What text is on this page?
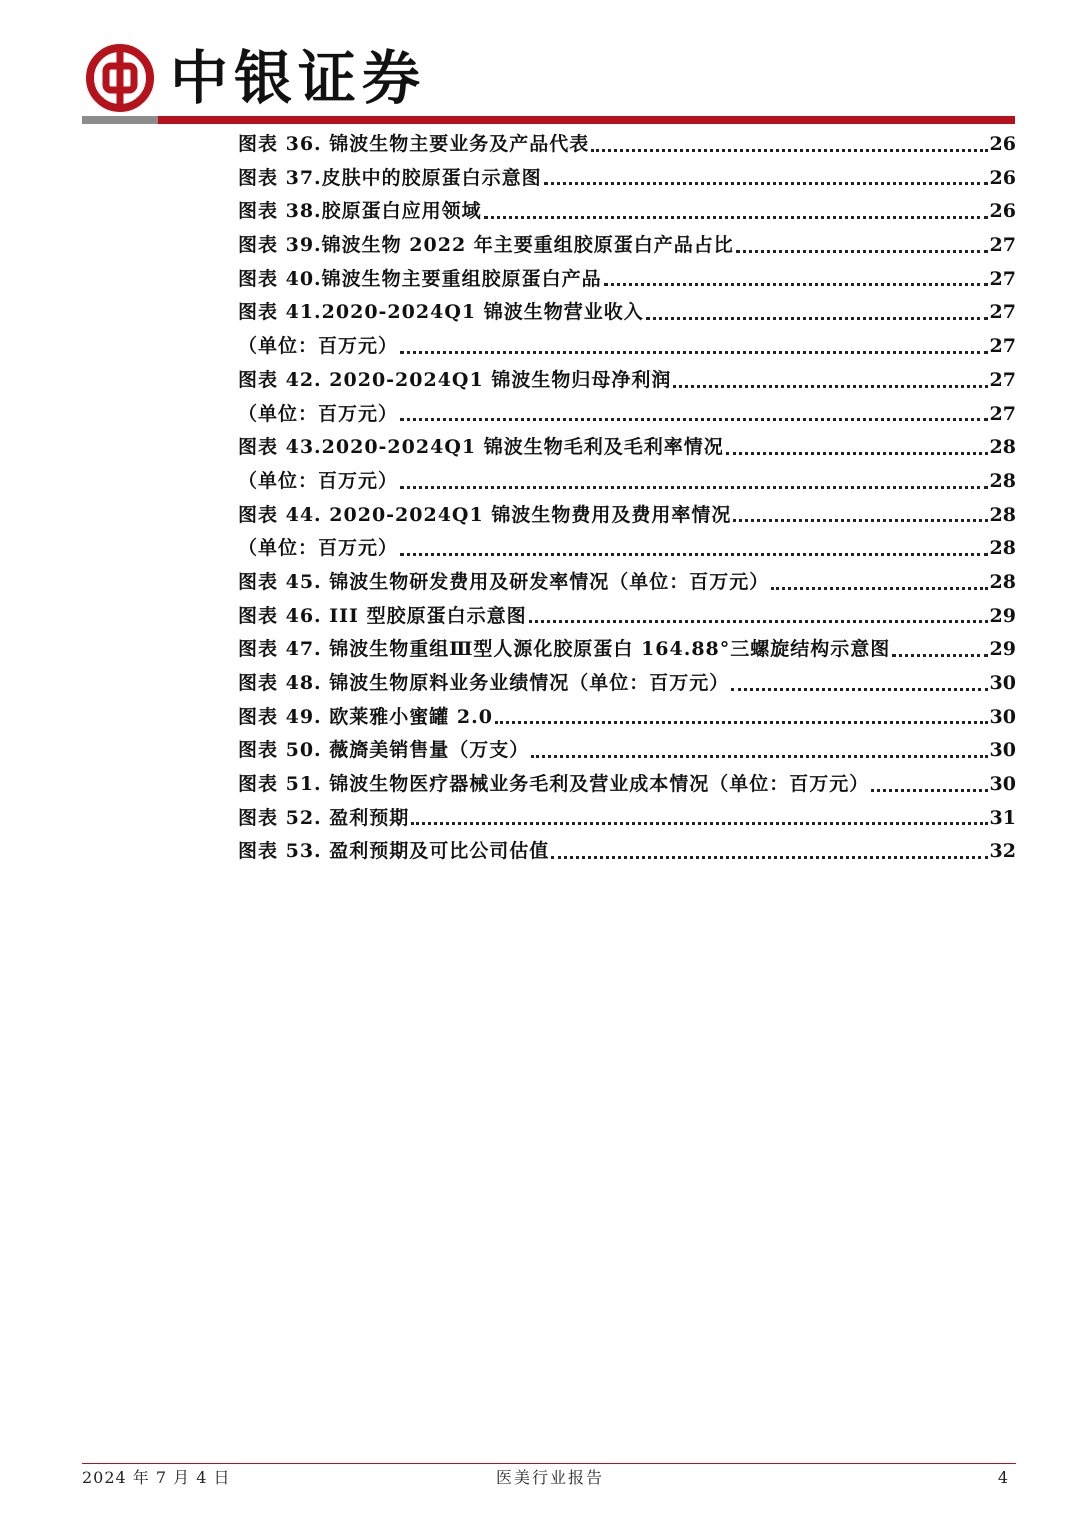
中银证券
图表 36. 锦波生物主要业务及产品代表	26
图表 37.皮肤中的胶原蛋白示意图	26
图表 38.胶原蛋白应用领域	26
图表 39.锦波生物 2022 年主要重组胶原蛋白产品占比	27
图表 40.锦波生物主要重组胶原蛋白产品	27
图表 41.2020-2024Q1 锦波生物营业收入	27
（单位：百万元）	27
图表 42. 2020-2024Q1 锦波生物归母净利润	27
（单位：百万元）	27
图表 43.2020-2024Q1 锦波生物毛利及毛利率情况	28
（单位：百万元）	28
图表 44. 2020-2024Q1 锦波生物费用及费用率情况	28
（单位：百万元）	28
图表 45. 锦波生物研发费用及研发率情况（单位：百万元）	28
图表 46. III 型胶原蛋白示意图	29
图表 47. 锦波生物重组Ⅲ型人源化胶原蛋白 164.88°三螺旋结构示意图	29
图表 48. 锦波生物原料业务业绩情况（单位：百万元）	30
图表 49. 欧莱雅小蜜罐 2.0	30
图表 50. 薇旖美销售量（万支）	30
图表 51. 锦波生物医疗器械业务毛利及营业成本情况（单位：百万元）	30
图表 52. 盈利预期	31
图表 53. 盈利预期及可比公司估值	32
2024 年 7 月 4 日	医美行业报告	4
